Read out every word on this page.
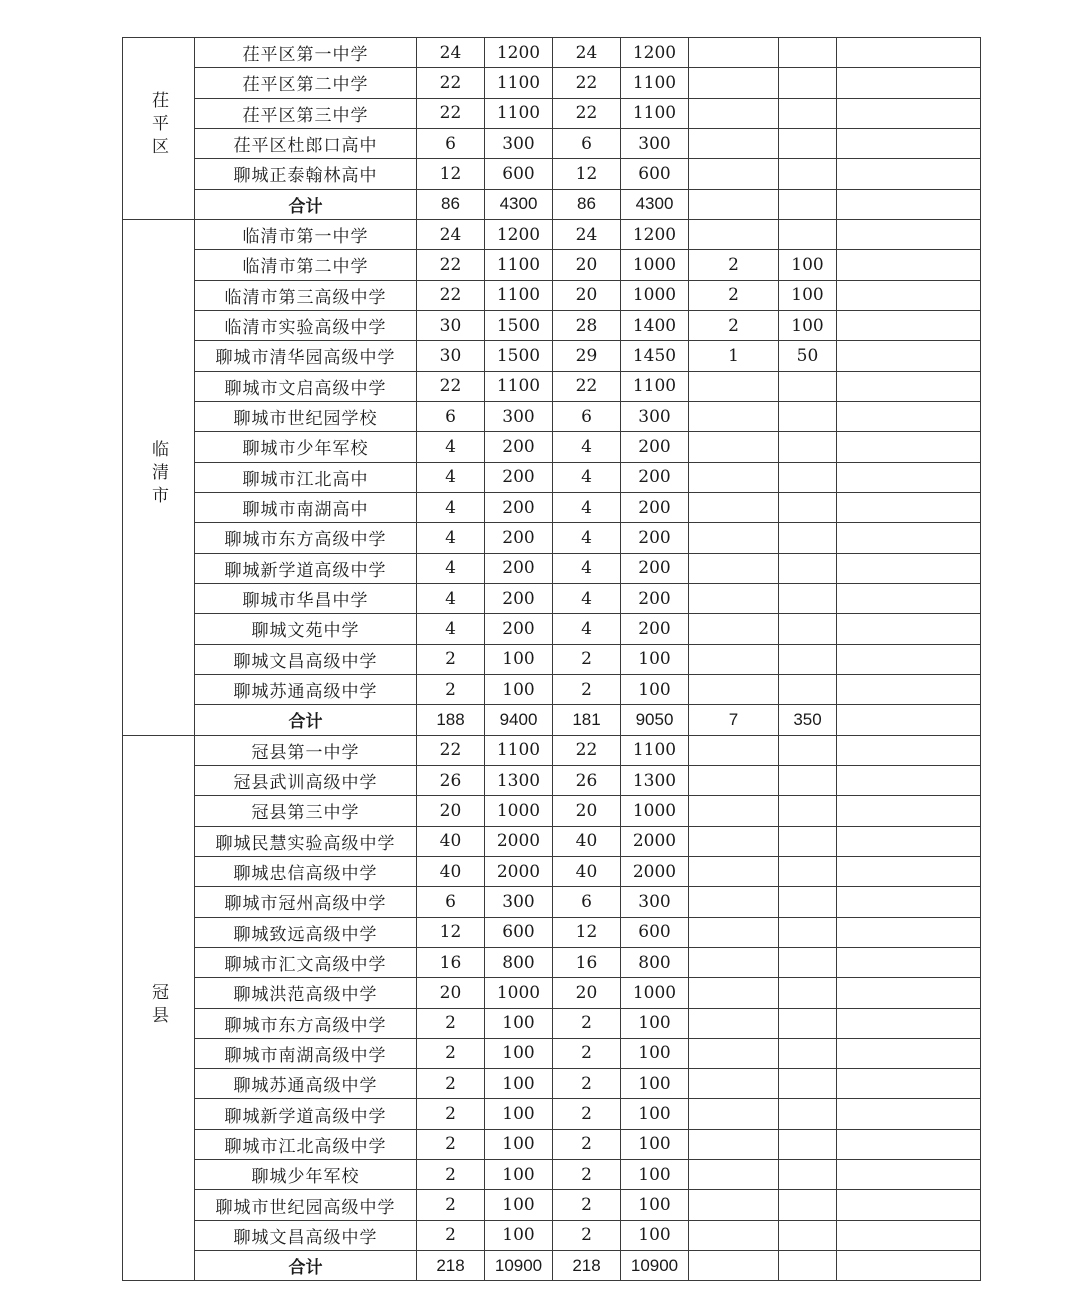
茌平区	茌平区第一中学	24	1200	24	1200			
	茌平区第二中学	22	1100	22	1100			
	茌平区第三中学	22	1100	22	1100			
	茌平区杜郎口高中	6	300	6	300			
	聊城正泰翰林高中	12	600	12	600			
	合计	86	4300	86	4300			
临清市	临清市第一中学	24	1200	24	1200			
	临清市第二中学	22	1100	20	1000	2	100	
	临清市第三高级中学	22	1100	20	1000	2	100	
	临清市实验高级中学	30	1500	28	1400	2	100	
	聊城市清华园高级中学	30	1500	29	1450	1	50	
	聊城市文启高级中学	22	1100	22	1100			
	聊城市世纪园学校	6	300	6	300			
	聊城市少年军校	4	200	4	200			
	聊城市江北高中	4	200	4	200			
	聊城市南湖高中	4	200	4	200			
	聊城市东方高级中学	4	200	4	200			
	聊城新学道高级中学	4	200	4	200			
	聊城市华昌中学	4	200	4	200			
	聊城文苑中学	4	200	4	200			
	聊城文昌高级中学	2	100	2	100			
	聊城苏通高级中学	2	100	2	100			
	合计	188	9400	181	9050	7	350	
冠县	冠县第一中学	22	1100	22	1100			
	冠县武训高级中学	26	1300	26	1300			
	冠县第三中学	20	1000	20	1000			
	聊城民慧实验高级中学	40	2000	40	2000			
	聊城忠信高级中学	40	2000	40	2000			
	聊城市冠州高级中学	6	300	6	300			
	聊城致远高级中学	12	600	12	600			
	聊城市汇文高级中学	16	800	16	800			
	聊城洪范高级中学	20	1000	20	1000			
	聊城市东方高级中学	2	100	2	100			
	聊城市南湖高级中学	2	100	2	100			
	聊城苏通高级中学	2	100	2	100			
	聊城新学道高级中学	2	100	2	100			
	聊城市江北高级中学	2	100	2	100			
	聊城少年军校	2	100	2	100			
	聊城市世纪园高级中学	2	100	2	100			
	聊城文昌高级中学	2	100	2	100			
	合计	218	10900	218	10900			
